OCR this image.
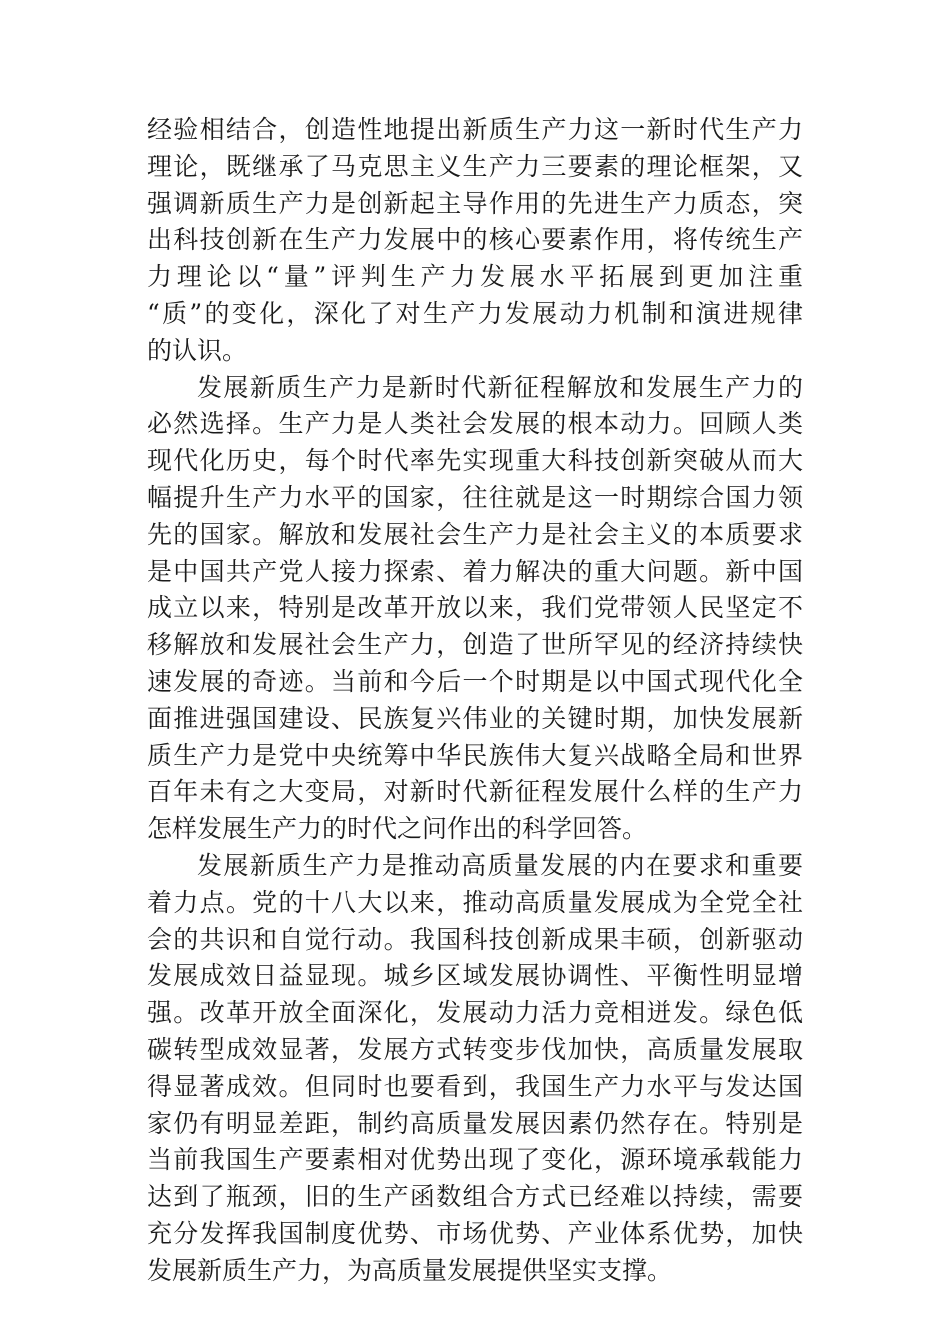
经验相结合，创造性地提出新质生产力这一新时代生产力
理论，既继承了马克思主义生产力三要素的理论框架，又
强调新质生产力是创新起主导作用的先进生产力质态，突
出科技创新在生产力发展中的核心要素作用，将传统生产
力理论以“量”评判生产力发展水平拓展到更加注重
“质”的变化，深化了对生产力发展动力机制和演进规律
的认识。
发展新质生产力是新时代新征程解放和发展生产力的
必然选择。生产力是人类社会发展的根本动力。回顾人类
现代化历史，每个时代率先实现重大科技创新突破从而大
幅提升生产力水平的国家，往往就是这一时期综合国力领
先的国家。解放和发展社会生产力是社会主义的本质要求
是中国共产党人接力探索、着力解决的重大问题。新中国
成立以来，特别是改革开放以来，我们党带领人民坚定不
移解放和发展社会生产力，创造了世所罕见的经济持续快
速发展的奇迹。当前和今后一个时期是以中国式现代化全
面推进强国建设、民族复兴伟业的关键时期，加快发展新
质生产力是党中央统筹中华民族伟大复兴战略全局和世界
百年未有之大变局，对新时代新征程发展什么样的生产力
怎样发展生产力的时代之问作出的科学回答。
发展新质生产力是推动高质量发展的内在要求和重要
着力点。党的十八大以来，推动高质量发展成为全党全社
会的共识和自觉行动。我国科技创新成果丰硕，创新驱动
发展成效日益显现。城乡区域发展协调性、平衡性明显增
强。改革开放全面深化，发展动力活力竞相迸发。绿色低
碳转型成效显著，发展方式转变步伐加快，高质量发展取
得显著成效。但同时也要看到，我国生产力水平与发达国
家仍有明显差距，制约高质量发展因素仍然存在。特别是
当前我国生产要素相对优势出现了变化，源环境承载能力
达到了瓶颈，旧的生产函数组合方式已经难以持续，需要
充分发挥我国制度优势、市场优势、产业体系优势，加快
发展新质生产力，为高质量发展提供坚实支撑。
